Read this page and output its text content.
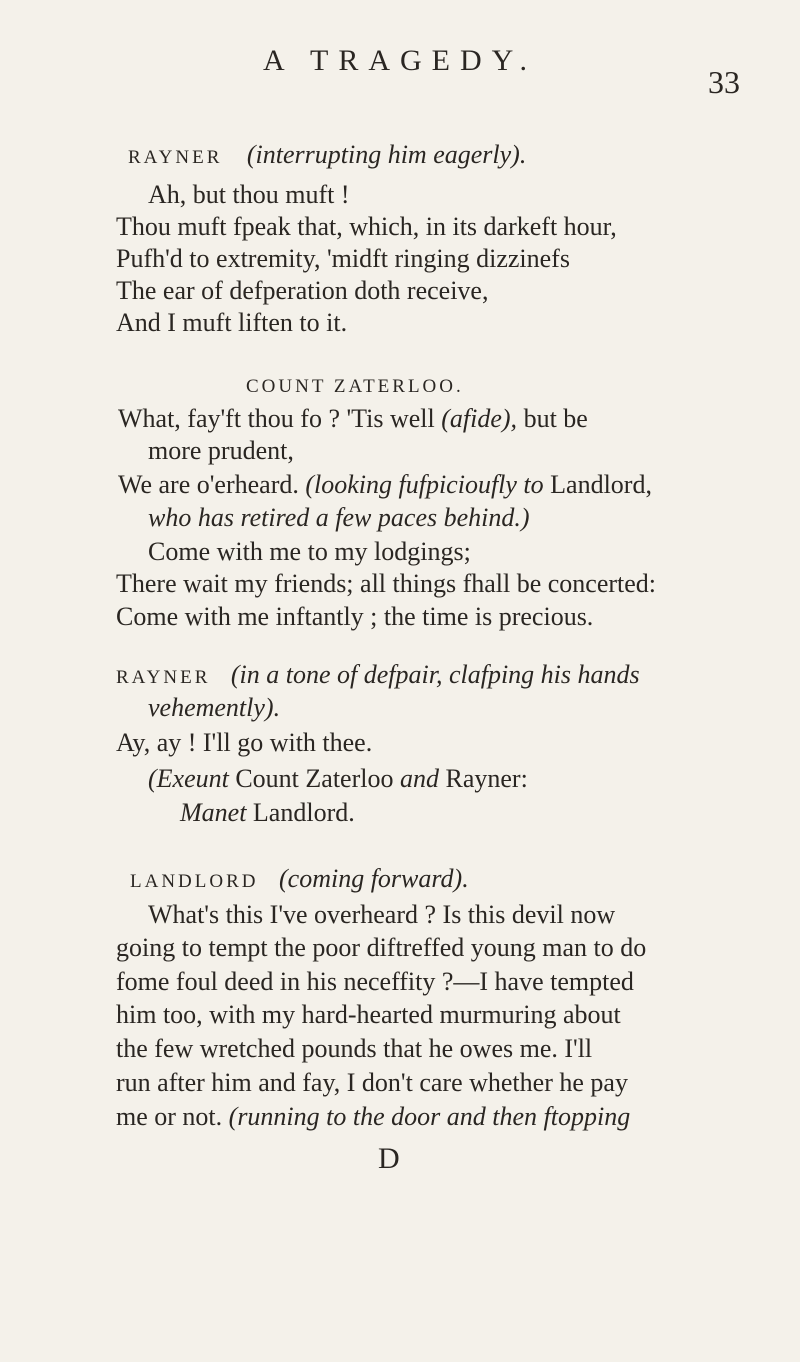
A TRAGEDY.
33
RAYNER (interrupting him eagerly).
Ah, but thou muft !
Thou muft fpeak that, which, in its darkeft hour,
Pufh'd to extremity, 'midft ringing dizzinefs
The ear of defperation doth receive,
And I muft liften to it.
COUNT ZATERLOO.
What, fay'ft thou fo ? 'Tis well (afide), but be
more prudent,
We are o'erheard. (looking fufpicioufly to Landlord,
who has retired a few paces behind.)
Come with me to my lodgings;
There wait my friends; all things fhall be concerted:
Come with me inftantly ; the time is precious.
RAYNER (in a tone of defpair, clafping his hands
vehemently).
Ay, ay ! I'll go with thee.
(Exeunt Count Zaterloo and Rayner:
Manet Landlord.
LANDLORD (coming forward).
What's this I've overheard ? Is this devil now
going to tempt the poor diftreffed young man to do
fome foul deed in his neceffity ?—I have tempted
him too, with my hard-hearted murmuring about
the few wretched pounds that he owes me. I'll
run after him and fay, I don't care whether he pay
me or not. (running to the door and then ftopping
D
